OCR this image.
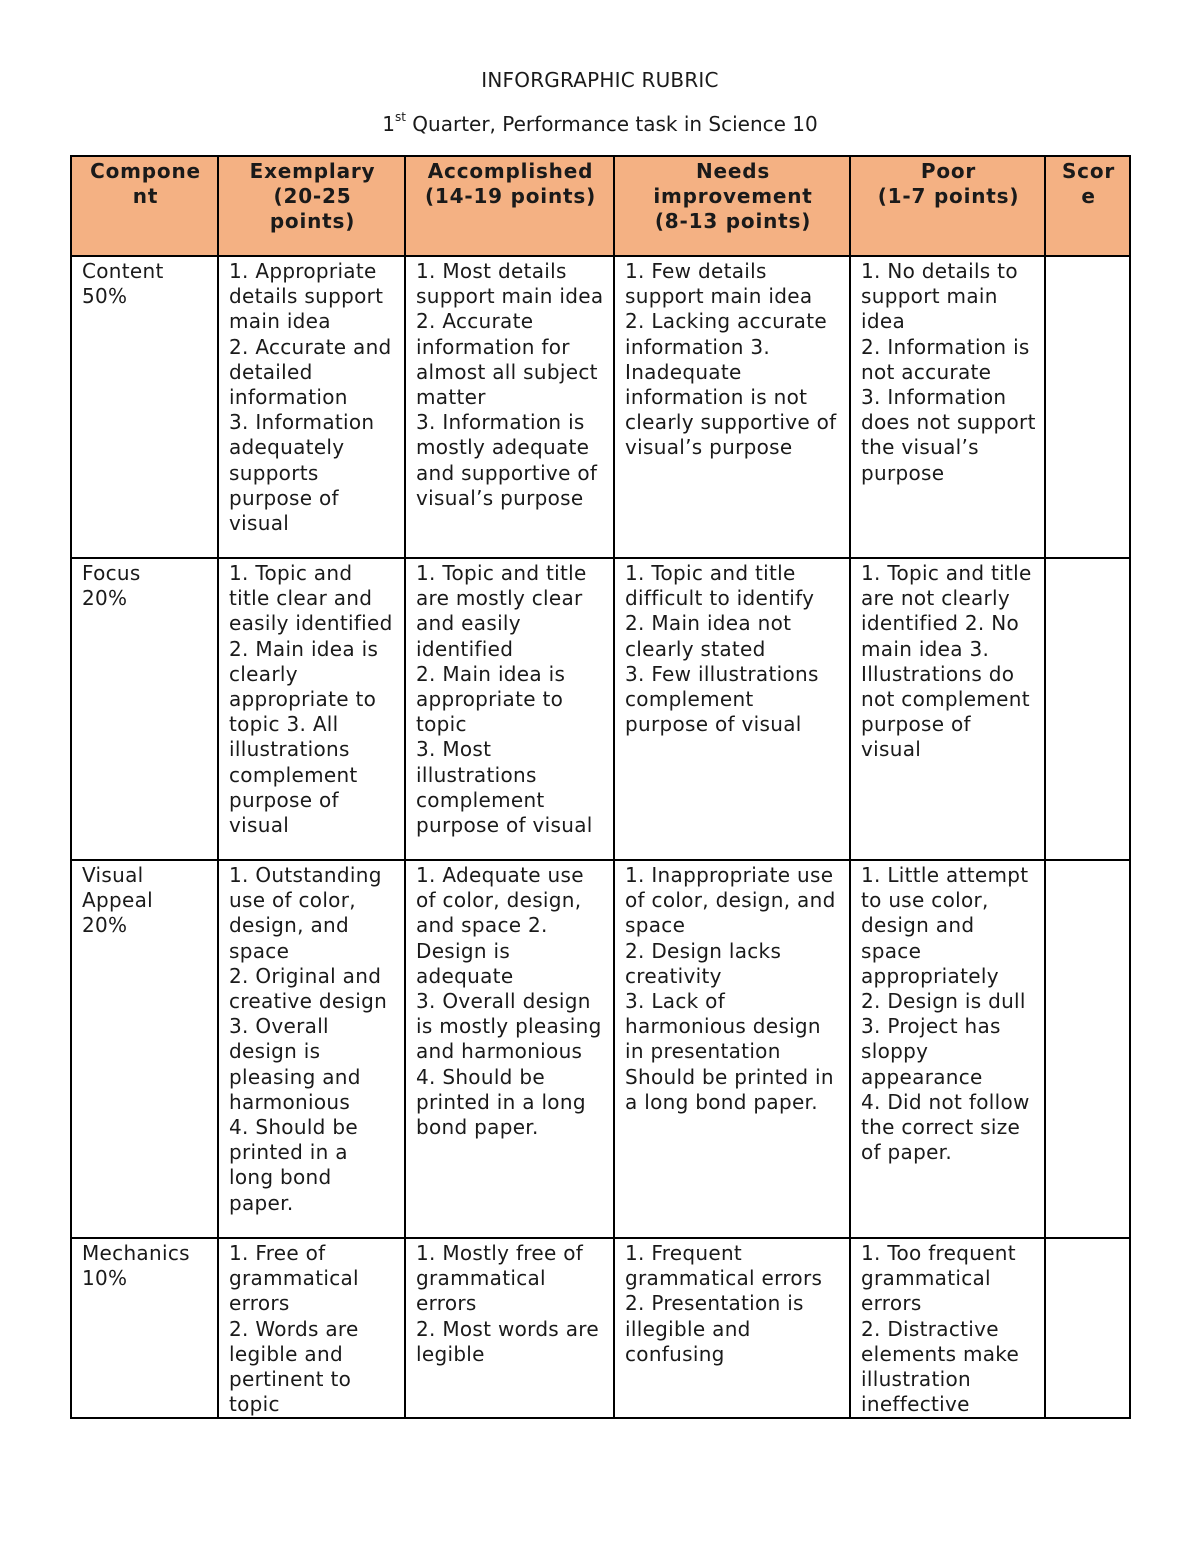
INFORGRAPHIC RUBRIC
1st Quarter, Performance task in Science 10
Compone
nt	Exemplary
(20-25
points)	Accomplished
(14-19 points)	Needs
improvement
(8-13 points)	Poor
(1-7 points)	Scor
e

Content
50%	1. Appropriate details support main idea
2. Accurate and detailed information
3. Information adequately supports purpose of visual	1. Most details support main idea
2. Accurate information for almost all subject matter
3. Information is mostly adequate and supportive of visual’s purpose	1. Few details support main idea
2. Lacking accurate information 3. Inadequate information is not clearly supportive of visual’s purpose	1. No details to support main idea
2. Information is not accurate
3. Information does not support the visual’s purpose	

Focus
20%	1. Topic and title clear and easily identified
2. Main idea is clearly appropriate to topic 3. All illustrations complement purpose of visual	1. Topic and title are mostly clear and easily identified
2. Main idea is appropriate to topic
3. Most illustrations complement purpose of visual	1. Topic and title difficult to identify
2. Main idea not clearly stated
3. Few illustrations complement purpose of visual	1. Topic and title are not clearly identified 2. No main idea 3. Illustrations do not complement purpose of visual	

Visual
Appeal
20%	1. Outstanding use of color, design, and space
2. Original and creative design
3. Overall design is pleasing and harmonious
4. Should be printed in a long bond paper.	1. Adequate use of color, design, and space 2. Design is adequate
3. Overall design is mostly pleasing and harmonious
4. Should be printed in a long bond paper.	1. Inappropriate use of color, design, and space
2. Design lacks creativity
3. Lack of harmonious design in presentation Should be printed in a long bond paper.	1. Little attempt to use color, design and space appropriately
2. Design is dull
3. Project has sloppy appearance
4. Did not follow the correct size of paper.	

Mechanics
10%	1. Free of grammatical errors
2. Words are legible and pertinent to topic	1. Mostly free of grammatical errors
2. Most words are legible	1. Frequent grammatical errors
2. Presentation is illegible and confusing	1. Too frequent grammatical errors
2. Distractive elements make illustration ineffective	
